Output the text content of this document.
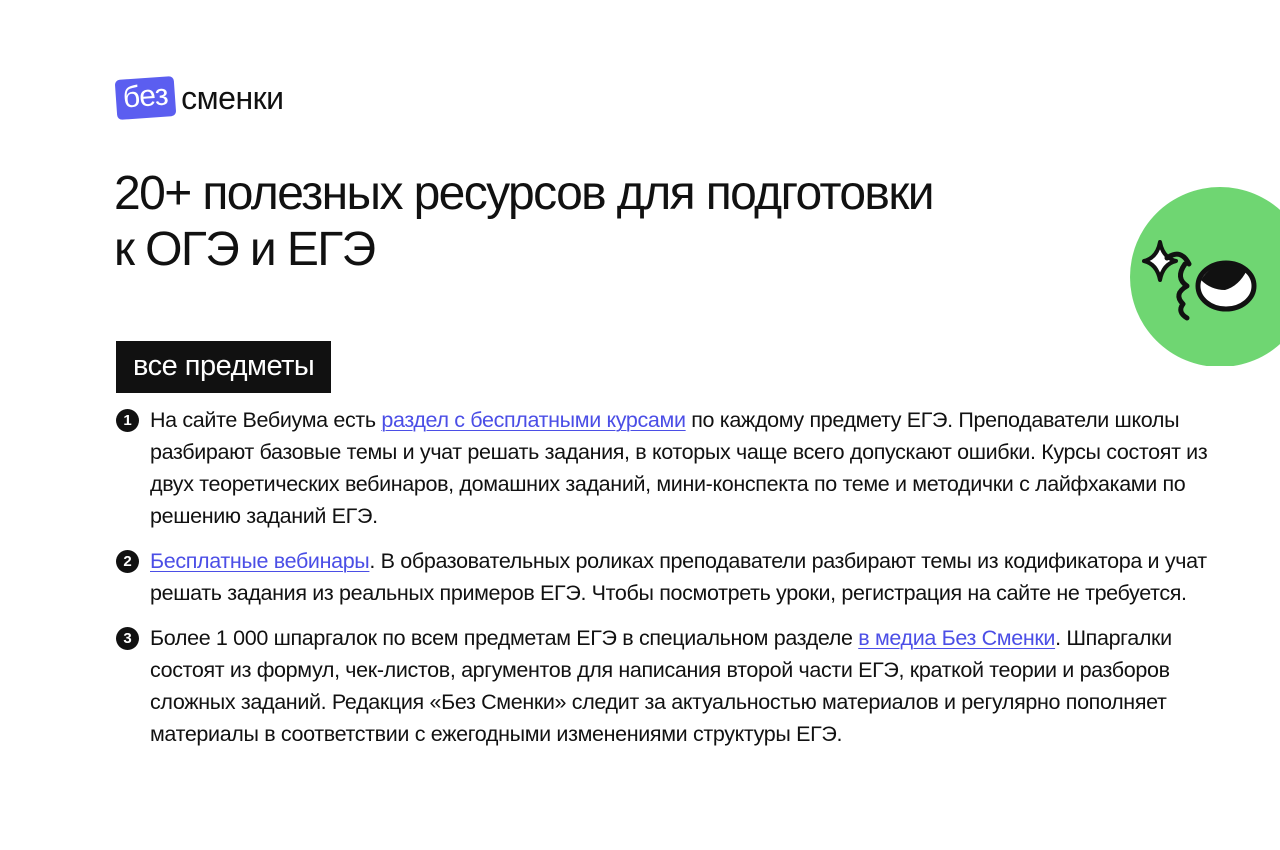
без сменки
20+ полезных ресурсов для подготовки
к ОГЭ и ЕГЭ
все предметы
1 На сайте Вебиума есть раздел с бесплатными курсами по каждому предмету ЕГЭ. Преподаватели школы разбирают базовые темы и учат решать задания, в которых чаще всего допускают ошибки. Курсы состоят из двух теоретических вебинаров, домашних заданий, мини-конспекта по теме и методички с лайфхаками по решению заданий ЕГЭ.
2 Бесплатные вебинары. В образовательных роликах преподаватели разбирают темы из кодификатора и учат решать задания из реальных примеров ЕГЭ. Чтобы посмотреть уроки, регистрация на сайте не требуется.
3 Более 1 000 шпаргалок по всем предметам ЕГЭ в специальном разделе в медиа Без Сменки. Шпаргалки состоят из формул, чек-листов, аргументов для написания второй части ЕГЭ, краткой теории и разборов сложных заданий. Редакция «Без Сменки» следит за актуальностью материалов и регулярно пополняет материалы в соответствии с ежегодными изменениями структуры ЕГЭ.
